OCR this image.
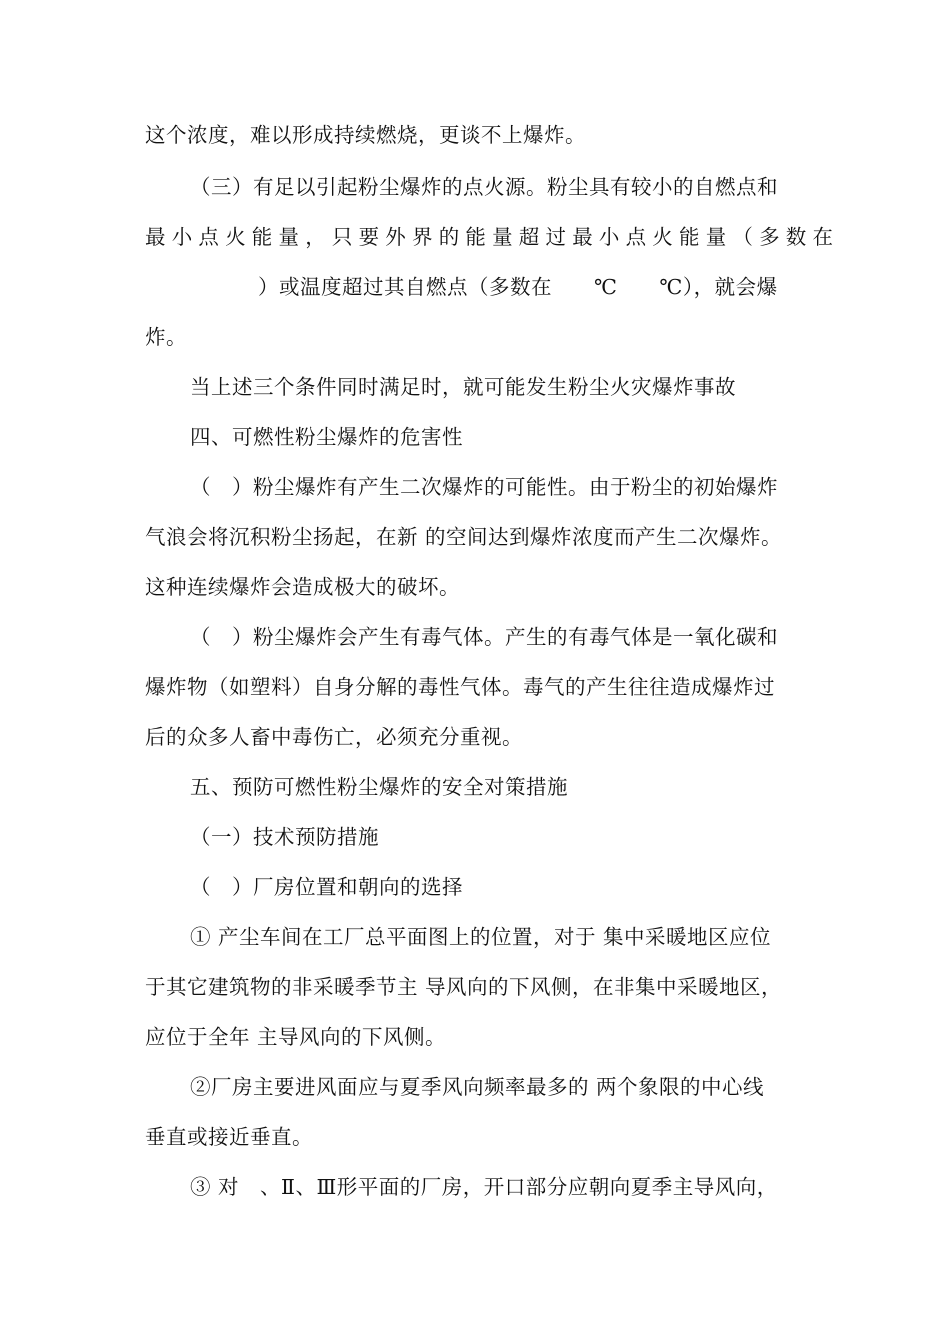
这个浓度，难以形成持续燃烧，更谈不上爆炸。
（三）有足以引起粉尘爆炸的点火源。粉尘具有较小的自燃点和
最小点火能量，只要外界的能量超过最小点火能量（多数在
）或温度超过其自燃点（多数在　　℃　　℃），就会爆
炸。
当上述三个条件同时满足时，就可能发生粉尘火灾爆炸事故
四、可燃性粉尘爆炸的危害性
（　）粉尘爆炸有产生二次爆炸的可能性。由于粉尘的初始爆炸
气浪会将沉积粉尘扬起，在新 的空间达到爆炸浓度而产生二次爆炸。
这种连续爆炸会造成极大的破坏。
（　）粉尘爆炸会产生有毒气体。产生的有毒气体是一氧化碳和
爆炸物（如塑料）自身分解的毒性气体。毒气的产生往往造成爆炸过
后的众多人畜中毒伤亡，必须充分重视。
五、预防可燃性粉尘爆炸的安全对策措施
（一）技术预防措施
（　）厂房位置和朝向的选择
① 产尘车间在工厂总平面图上的位置，对于 集中采暖地区应位
于其它建筑物的非采暖季节主 导风向的下风侧，在非集中采暖地区，
应位于全年 主导风向的下风侧。
②厂房主要进风面应与夏季风向频率最多的 两个象限的中心线
垂直或接近垂直。
③ 对　、Ⅱ、Ⅲ形平面的厂房，开口部分应朝向夏季主导风向，
